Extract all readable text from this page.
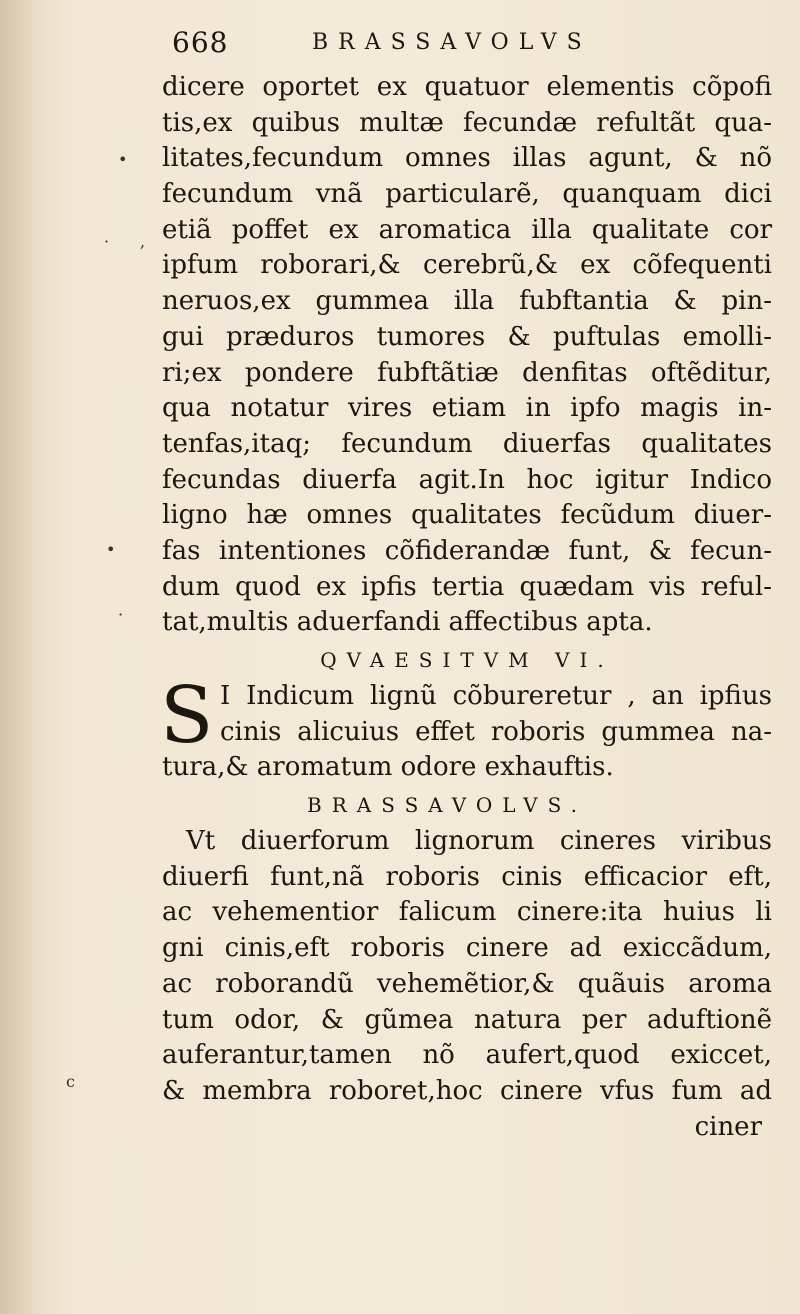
668	BRASSAVOLVS
•
· ,
•
·
c
dicere oportet ex quatuor elementis cõpofi
tis,ex quibus multæ fecundæ refultãt qua-
litates,fecundum omnes illas agunt, & nõ
fecundum vnã particularẽ, quanquam dici
etiã poffet ex aromatica illa qualitate cor
ipfum roborari,& cerebrũ,& ex cõfequenti
neruos,ex gummea illa fubftantia & pin-
gui præduros tumores & puftulas emolli-
ri;ex pondere fubftãtiæ denfitas oftẽditur,
qua notatur vires etiam in ipfo magis in-
tenfas,itaq; fecundum diuerfas qualitates
fecundas diuerfa agit.In hoc igitur Indico
ligno hæ omnes qualitates fecũdum diuer-
fas intentiones cõfiderandæ funt, & fecun-
dum quod ex ipfis tertia quædam vis reful-
tat,multis aduerfandi affectibus apta.
QVAESITVM VI.
S I Indicum lignũ cõbureretur , an ipfius
cinis alicuius effet roboris gummea na-
tura,& aromatum odore exhauftis.
BRASSAVOLVS.
Vt diuerforum lignorum cineres viribus
diuerfi funt,nã roboris cinis efficacior eft,
ac vehementior falicum cinere:ita huius li
gni cinis,eft roboris cinere ad exiccãdum,
ac roborandũ vehemẽtior,& quãuis aroma
tum odor, & gũmea natura per aduftionẽ
auferantur,tamen nõ aufert,quod exiccet,
& membra roboret,hoc cinere vfus fum ad
ciner
